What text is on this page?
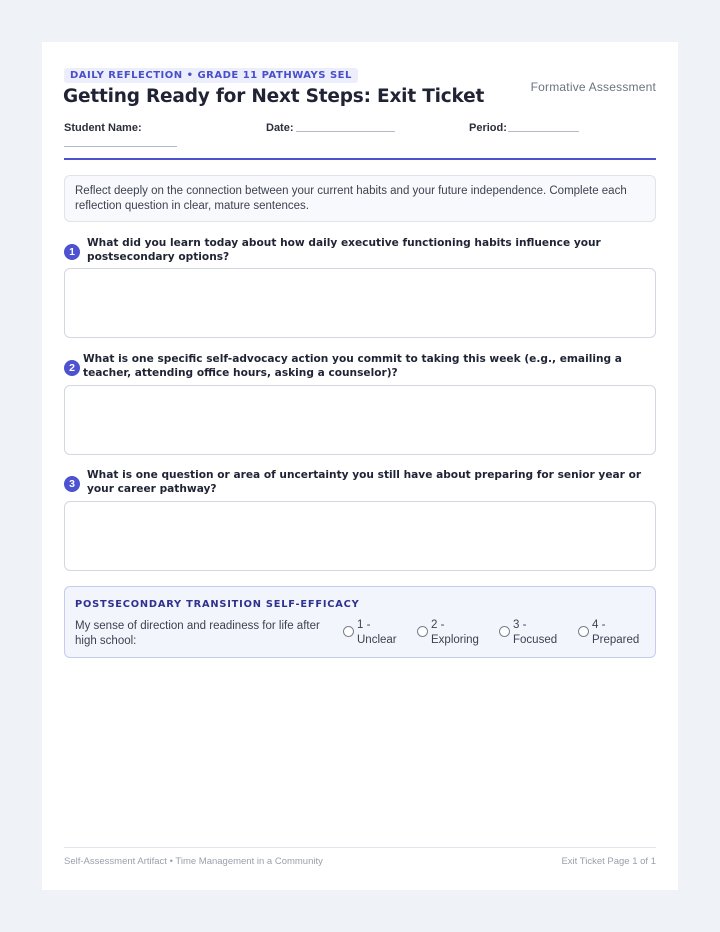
DAILY REFLECTION • GRADE 11 PATHWAYS SEL
Formative Assessment
Getting Ready for Next Steps: Exit Ticket
Student Name:	Date:	Period:
Reflect deeply on the connection between your current habits and your future independence. Complete each reflection question in clear, mature sentences.
1
What did you learn today about how daily executive functioning habits influence your postsecondary options?
2
What is one specific self-advocacy action you commit to taking this week (e.g., emailing a teacher, attending office hours, asking a counselor)?
3
What is one question or area of uncertainty you still have about preparing for senior year or your career pathway?
POSTSECONDARY TRANSITION SELF-EFFICACY
My sense of direction and readiness for life after high school:
1 - Unclear
2 - Exploring
3 - Focused
4 - Prepared
Self-Assessment Artifact • Time Management in a Community	Exit Ticket Page 1 of 1
